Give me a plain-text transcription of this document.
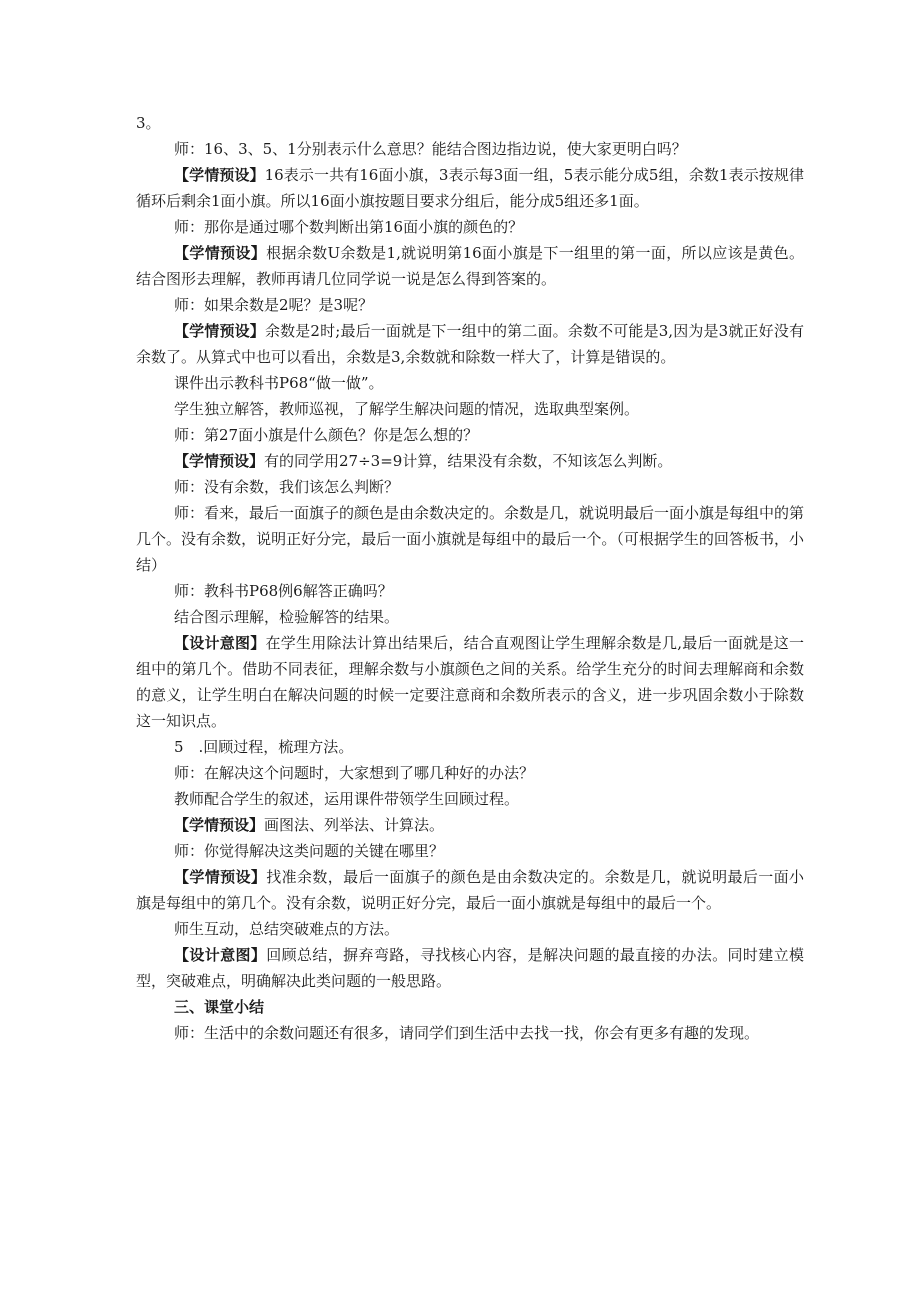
3。

师：16、3、5、1分别表示什么意思？能结合图边指边说，使大家更明白吗？

【学情预设】16表示一共有16面小旗，3表示每3面一组，5表示能分成5组，余数1表示按规律循环后剩余1面小旗。所以16面小旗按题目要求分组后，能分成5组还多1面。

师：那你是通过哪个数判断出第16面小旗的颜色的？

【学情预设】根据余数U余数是1,就说明第16面小旗是下一组里的第一面，所以应该是黄色。结合图形去理解，教师再请几位同学说一说是怎么得到答案的。

师：如果余数是2呢？是3呢？

【学情预设】余数是2时;最后一面就是下一组中的第二面。余数不可能是3,因为是3就正好没有余数了。从算式中也可以看出，余数是3,余数就和除数一样大了，计算是错误的。

课件出示教科书P68“做一做”。

学生独立解答，教师巡视，了解学生解决问题的情况，选取典型案例。

师：第27面小旗是什么颜色？你是怎么想的？

【学情预设】有的同学用27÷3=9计算，结果没有余数，不知该怎么判断。

师：没有余数，我们该怎么判断？

师：看来，最后一面旗子的颜色是由余数决定的。余数是几，就说明最后一面小旗是每组中的第几个。没有余数，说明正好分完，最后一面小旗就是每组中的最后一个。（可根据学生的回答板书，小结）

师：教科书P68例6解答正确吗？

结合图示理解，检验解答的结果。

【设计意图】在学生用除法计算出结果后，结合直观图让学生理解余数是几,最后一面就是这一组中的第几个。借助不同表征，理解余数与小旗颜色之间的关系。给学生充分的时间去理解商和余数的意义，让学生明白在解决问题的时候一定要注意商和余数所表示的含义，进一步巩固余数小于除数这一知识点。

5　.回顾过程，梳理方法。

师：在解决这个问题时，大家想到了哪几种好的办法？

教师配合学生的叙述，运用课件带领学生回顾过程。

【学情预设】画图法、列举法、计算法。

师：你觉得解决这类问题的关键在哪里？

【学情预设】找准余数，最后一面旗子的颜色是由余数决定的。余数是几，就说明最后一面小旗是每组中的第几个。没有余数，说明正好分完，最后一面小旗就是每组中的最后一个。

师生互动，总结突破难点的方法。

【设计意图】回顾总结，摒弃弯路，寻找核心内容，是解决问题的最直接的办法。同时建立模型，突破难点，明确解决此类问题的一般思路。

三、课堂小结

师：生活中的余数问题还有很多，请同学们到生活中去找一找，你会有更多有趣的发现。
